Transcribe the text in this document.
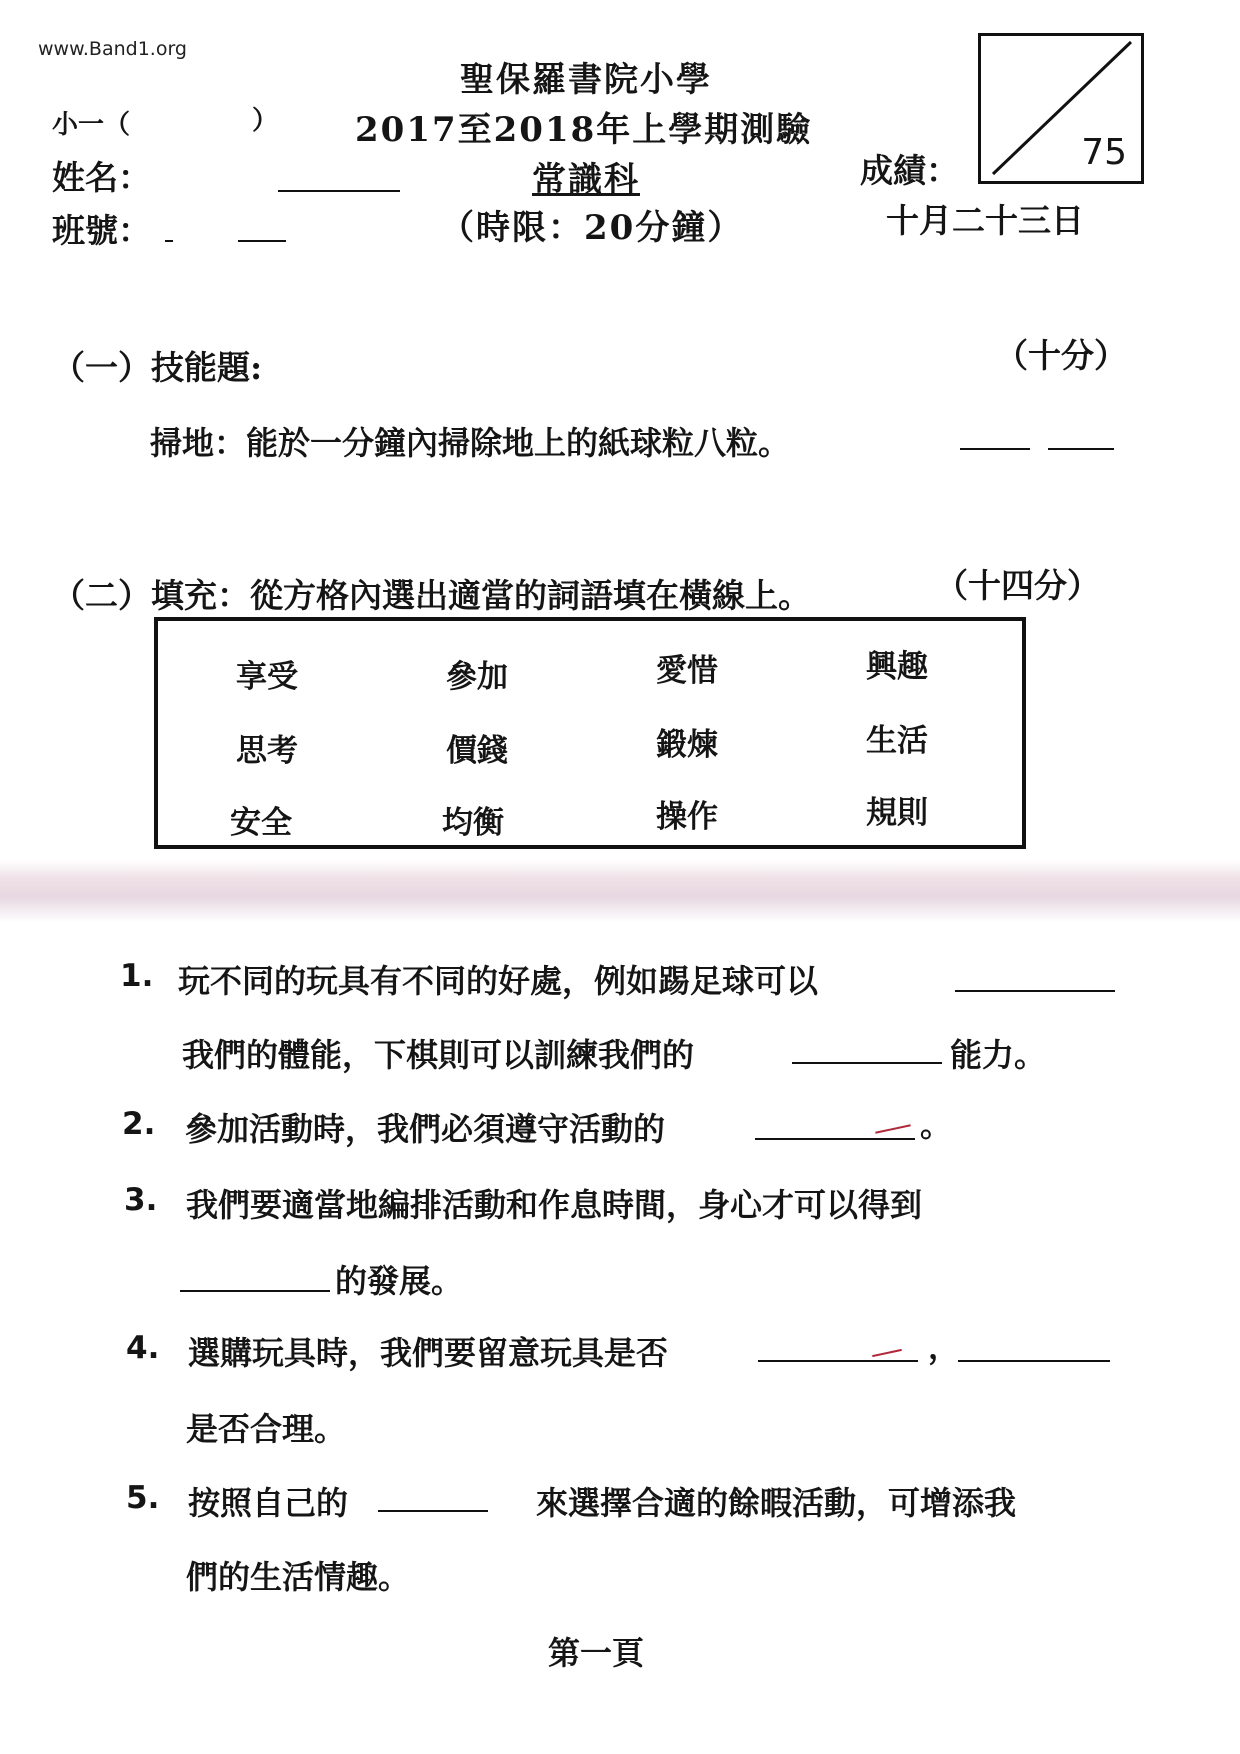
www.Band1.org
聖保羅書院小學
2017至2018年上學期測驗
常識科
（時限：20分鐘）
小一（	）
姓名：
班號：
成績：	75
十月二十三日
（一）技能題:	（十分）
掃地：能於一分鐘內掃除地上的紙球粒八粒。
（二）填充：從方格內選出適當的詞語填在橫線上。	（十四分）
享受	參加	愛惜	興趣
思考	價錢	鍛煉	生活
安全	均衡	操作	規則
1. 玩不同的玩具有不同的好處，例如踢足球可以
我們的體能，下棋則可以訓練我們的	能力。
2. 參加活動時，我們必須遵守活動的	。
3. 我們要適當地編排活動和作息時間，身心才可以得到
的發展。
4. 選購玩具時，我們要留意玩具是否	，
是否合理。
5. 按照自己的	來選擇合適的餘暇活動，可增添我
們的生活情趣。
第一頁
